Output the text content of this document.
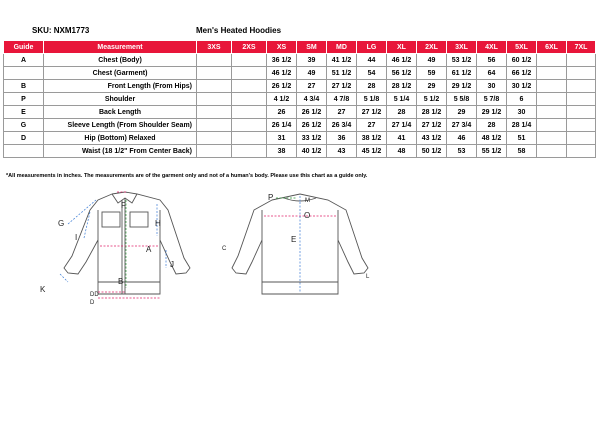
SKU: NXM1773	Men's Heated Hoodies
Guide	Measurement	3XS	2XS	XS	SM	MD	LG	XL	2XL	3XL	4XL	5XL	6XL	7XL
A	Chest (Body)			36 1/2	39	41 1/2	44	46 1/2	49	53 1/2	56	60 1/2		
	Chest (Garment)			46 1/2	49	51 1/2	54	56 1/2	59	61 1/2	64	66 1/2		
B	Front Length (From Hips)			26 1/2	27	27 1/2	28	28 1/2	29	29 1/2	30	30 1/2		
P	Shoulder			4 1/2	4 3/4	4 7/8	5 1/8	5 1/4	5 1/2	5 5/8	5 7/8	6		
E	Back Length			26	26 1/2	27	27 1/2	28	28 1/2	29	29 1/2	30		
G	Sleeve Length (From Shoulder Seam)			26 1/4	26 1/2	26 3/4	27	27 1/4	27 1/2	27 3/4	28	28 1/4		
D	Hip (Bottom) Relaxed			31	33 1/2	36	38 1/2	41	43 1/2	46	48 1/2	51		
	Waist (18 1/2" From Center Back)			38	40 1/2	43	45 1/2	48	50 1/2	53	55 1/2	58		
*All measurements in inches. The measurements are of the garment only and not of a human's body. Please use this chart as a guide only.
G
F
H
I
A
J
B
K
DD
D
P	M
O
E
C
L
